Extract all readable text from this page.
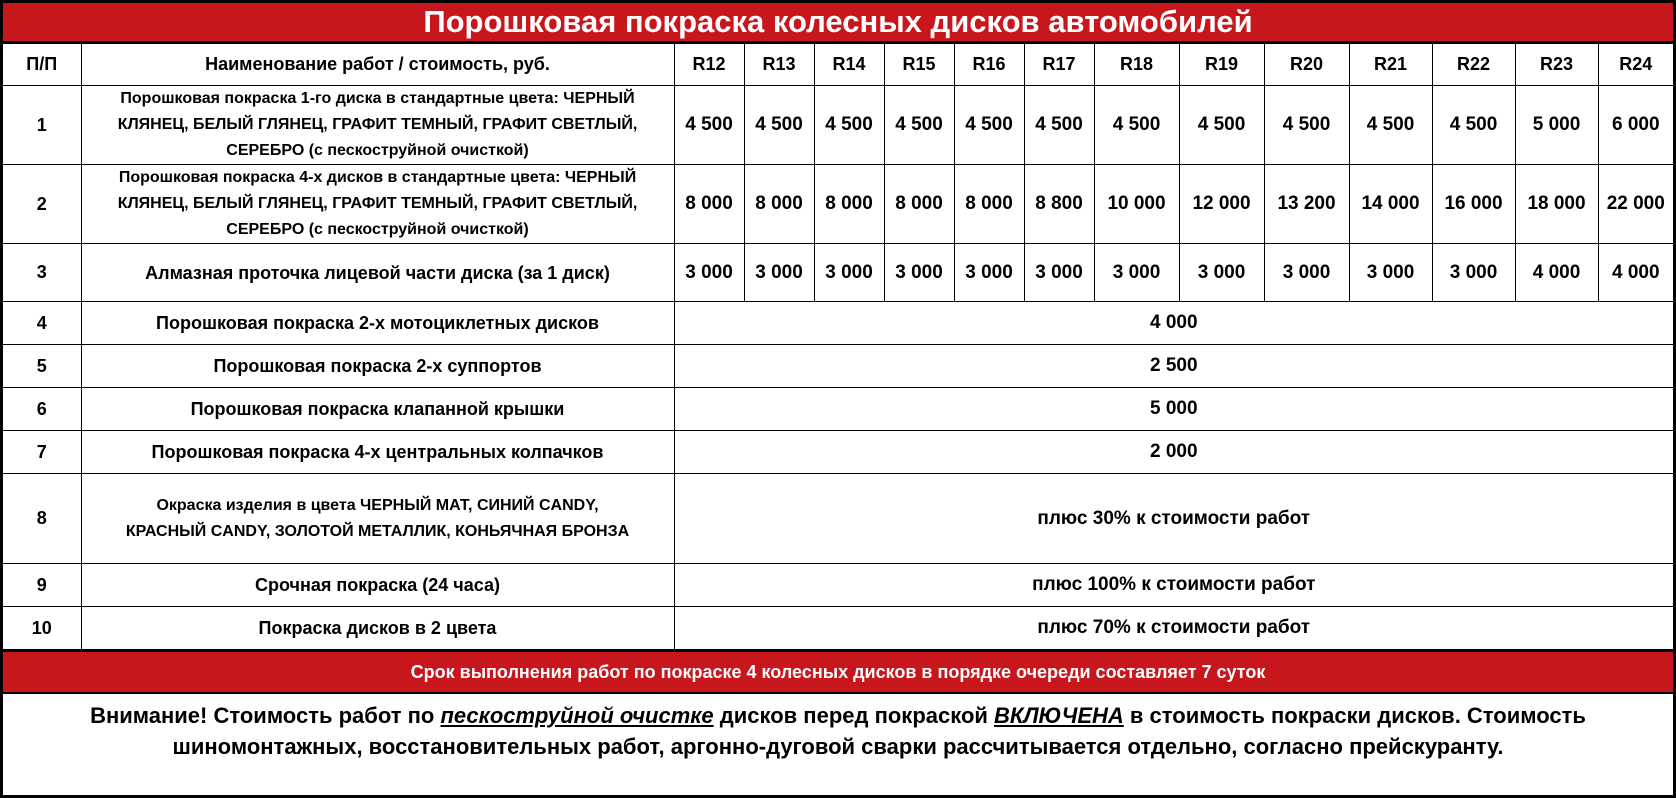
Порошковая покраска колесных дисков автомобилей
П/П	Наименование работ / стоимость, руб.	R12	R13	R14	R15	R16	R17	R18	R19	R20	R21	R22	R23	R24
1	Порошковая покраска 1-го диска в стандартные цвета: ЧЕРНЫЙ КЛЯНЕЦ, БЕЛЫЙ ГЛЯНЕЦ, ГРАФИТ ТЕМНЫЙ, ГРАФИТ СВЕТЛЫЙ, СЕРЕБРО (с пескоструйной очисткой)	4 500	4 500	4 500	4 500	4 500	4 500	4 500	4 500	4 500	4 500	4 500	5 000	6 000
2	Порошковая покраска 4-х дисков в стандартные цвета: ЧЕРНЫЙ КЛЯНЕЦ, БЕЛЫЙ ГЛЯНЕЦ, ГРАФИТ ТЕМНЫЙ, ГРАФИТ СВЕТЛЫЙ, СЕРЕБРО (с пескоструйной очисткой)	8 000	8 000	8 000	8 000	8 000	8 800	10 000	12 000	13 200	14 000	16 000	18 000	22 000
3	Алмазная проточка лицевой части диска (за 1 диск)	3 000	3 000	3 000	3 000	3 000	3 000	3 000	3 000	3 000	3 000	3 000	4 000	4 000
4	Порошковая покраска 2-х мотоциклетных дисков	4 000												
5	Порошковая покраска 2-х суппортов	2 500												
6	Порошковая покраска клапанной крышки	5 000												
7	Порошковая покраска 4-х центральных колпачков	2 000												
8	Окраска изделия в цвета ЧЕРНЫЙ МАТ, СИНИЙ CANDY, КРАСНЫЙ CANDY, ЗОЛОТОЙ МЕТАЛЛИК, КОНЬЯЧНАЯ БРОНЗА	плюс 30% к стоимости работ												
9	Срочная покраска (24 часа)	плюс 100% к стоимости работ												
10	Покраска дисков в 2 цвета	плюс 70% к стоимости работ												
Срок выполнения работ по покраске 4 колесных дисков в порядке очереди составляет 7 суток
Внимание! Стоимость работ по пескоструйной очистке дисков перед покраской ВКЛЮЧЕНА в стоимость покраски дисков. Стоимость шиномонтажных, восстановительных работ, аргонно-дуговой сварки рассчитывается отдельно, согласно прейскуранту.
